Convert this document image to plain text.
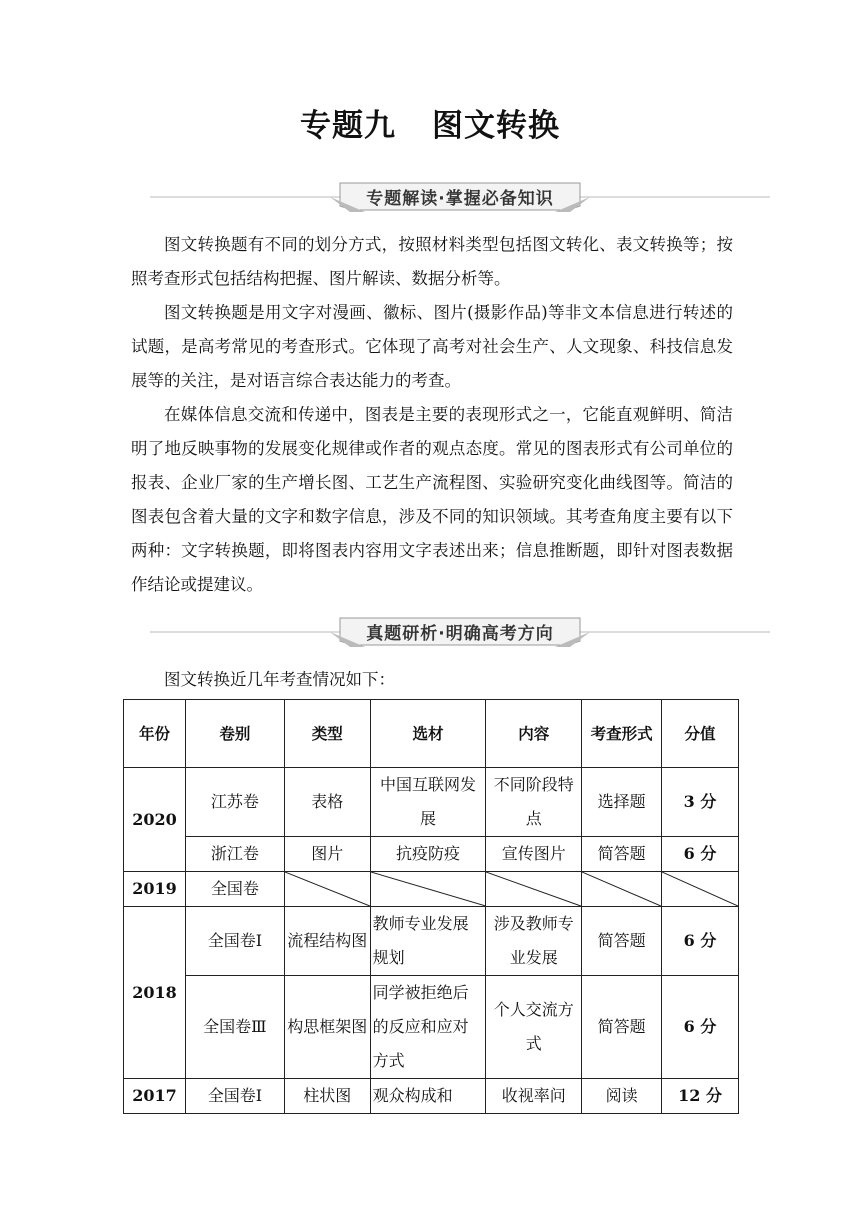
专题九 图文转换
专题解读·掌握必备知识
图文转换题有不同的划分方式，按照材料类型包括图文转化、表文转换等；按照考查形式包括结构把握、图片解读、数据分析等。
图文转换题是用文字对漫画、徽标、图片(摄影作品)等非文本信息进行转述的试题，是高考常见的考查形式。它体现了高考对社会生产、人文现象、科技信息发展等的关注，是对语言综合表达能力的考查。
在媒体信息交流和传递中，图表是主要的表现形式之一，它能直观鲜明、简洁明了地反映事物的发展变化规律或作者的观点态度。常见的图表形式有公司单位的报表、企业厂家的生产增长图、工艺生产流程图、实验研究变化曲线图等。简洁的图表包含着大量的文字和数字信息，涉及不同的知识领域。其考查角度主要有以下两种：文字转换题，即将图表内容用文字表述出来；信息推断题，即针对图表数据作结论或提建议。
真题研析·明确高考方向
图文转换近几年考查情况如下：
年份	卷别	类型	选材	内容	考查形式	分值
2020	江苏卷	表格	中国互联网发展	不同阶段特点	选择题	3 分
	浙江卷	图片	抗疫防疫	宣传图片	简答题	6 分
2019	全国卷	

2018	全国卷Ⅰ	流程结构图	教师专业发展规划	涉及教师专业发展	简答题	6 分
	全国卷Ⅲ	构思框架图	同学被拒绝后的反应和应对方式	个人交流方式	简答题	6 分
2017	全国卷Ⅰ	柱状图	观众构成和	收视率问	阅读	12 分
